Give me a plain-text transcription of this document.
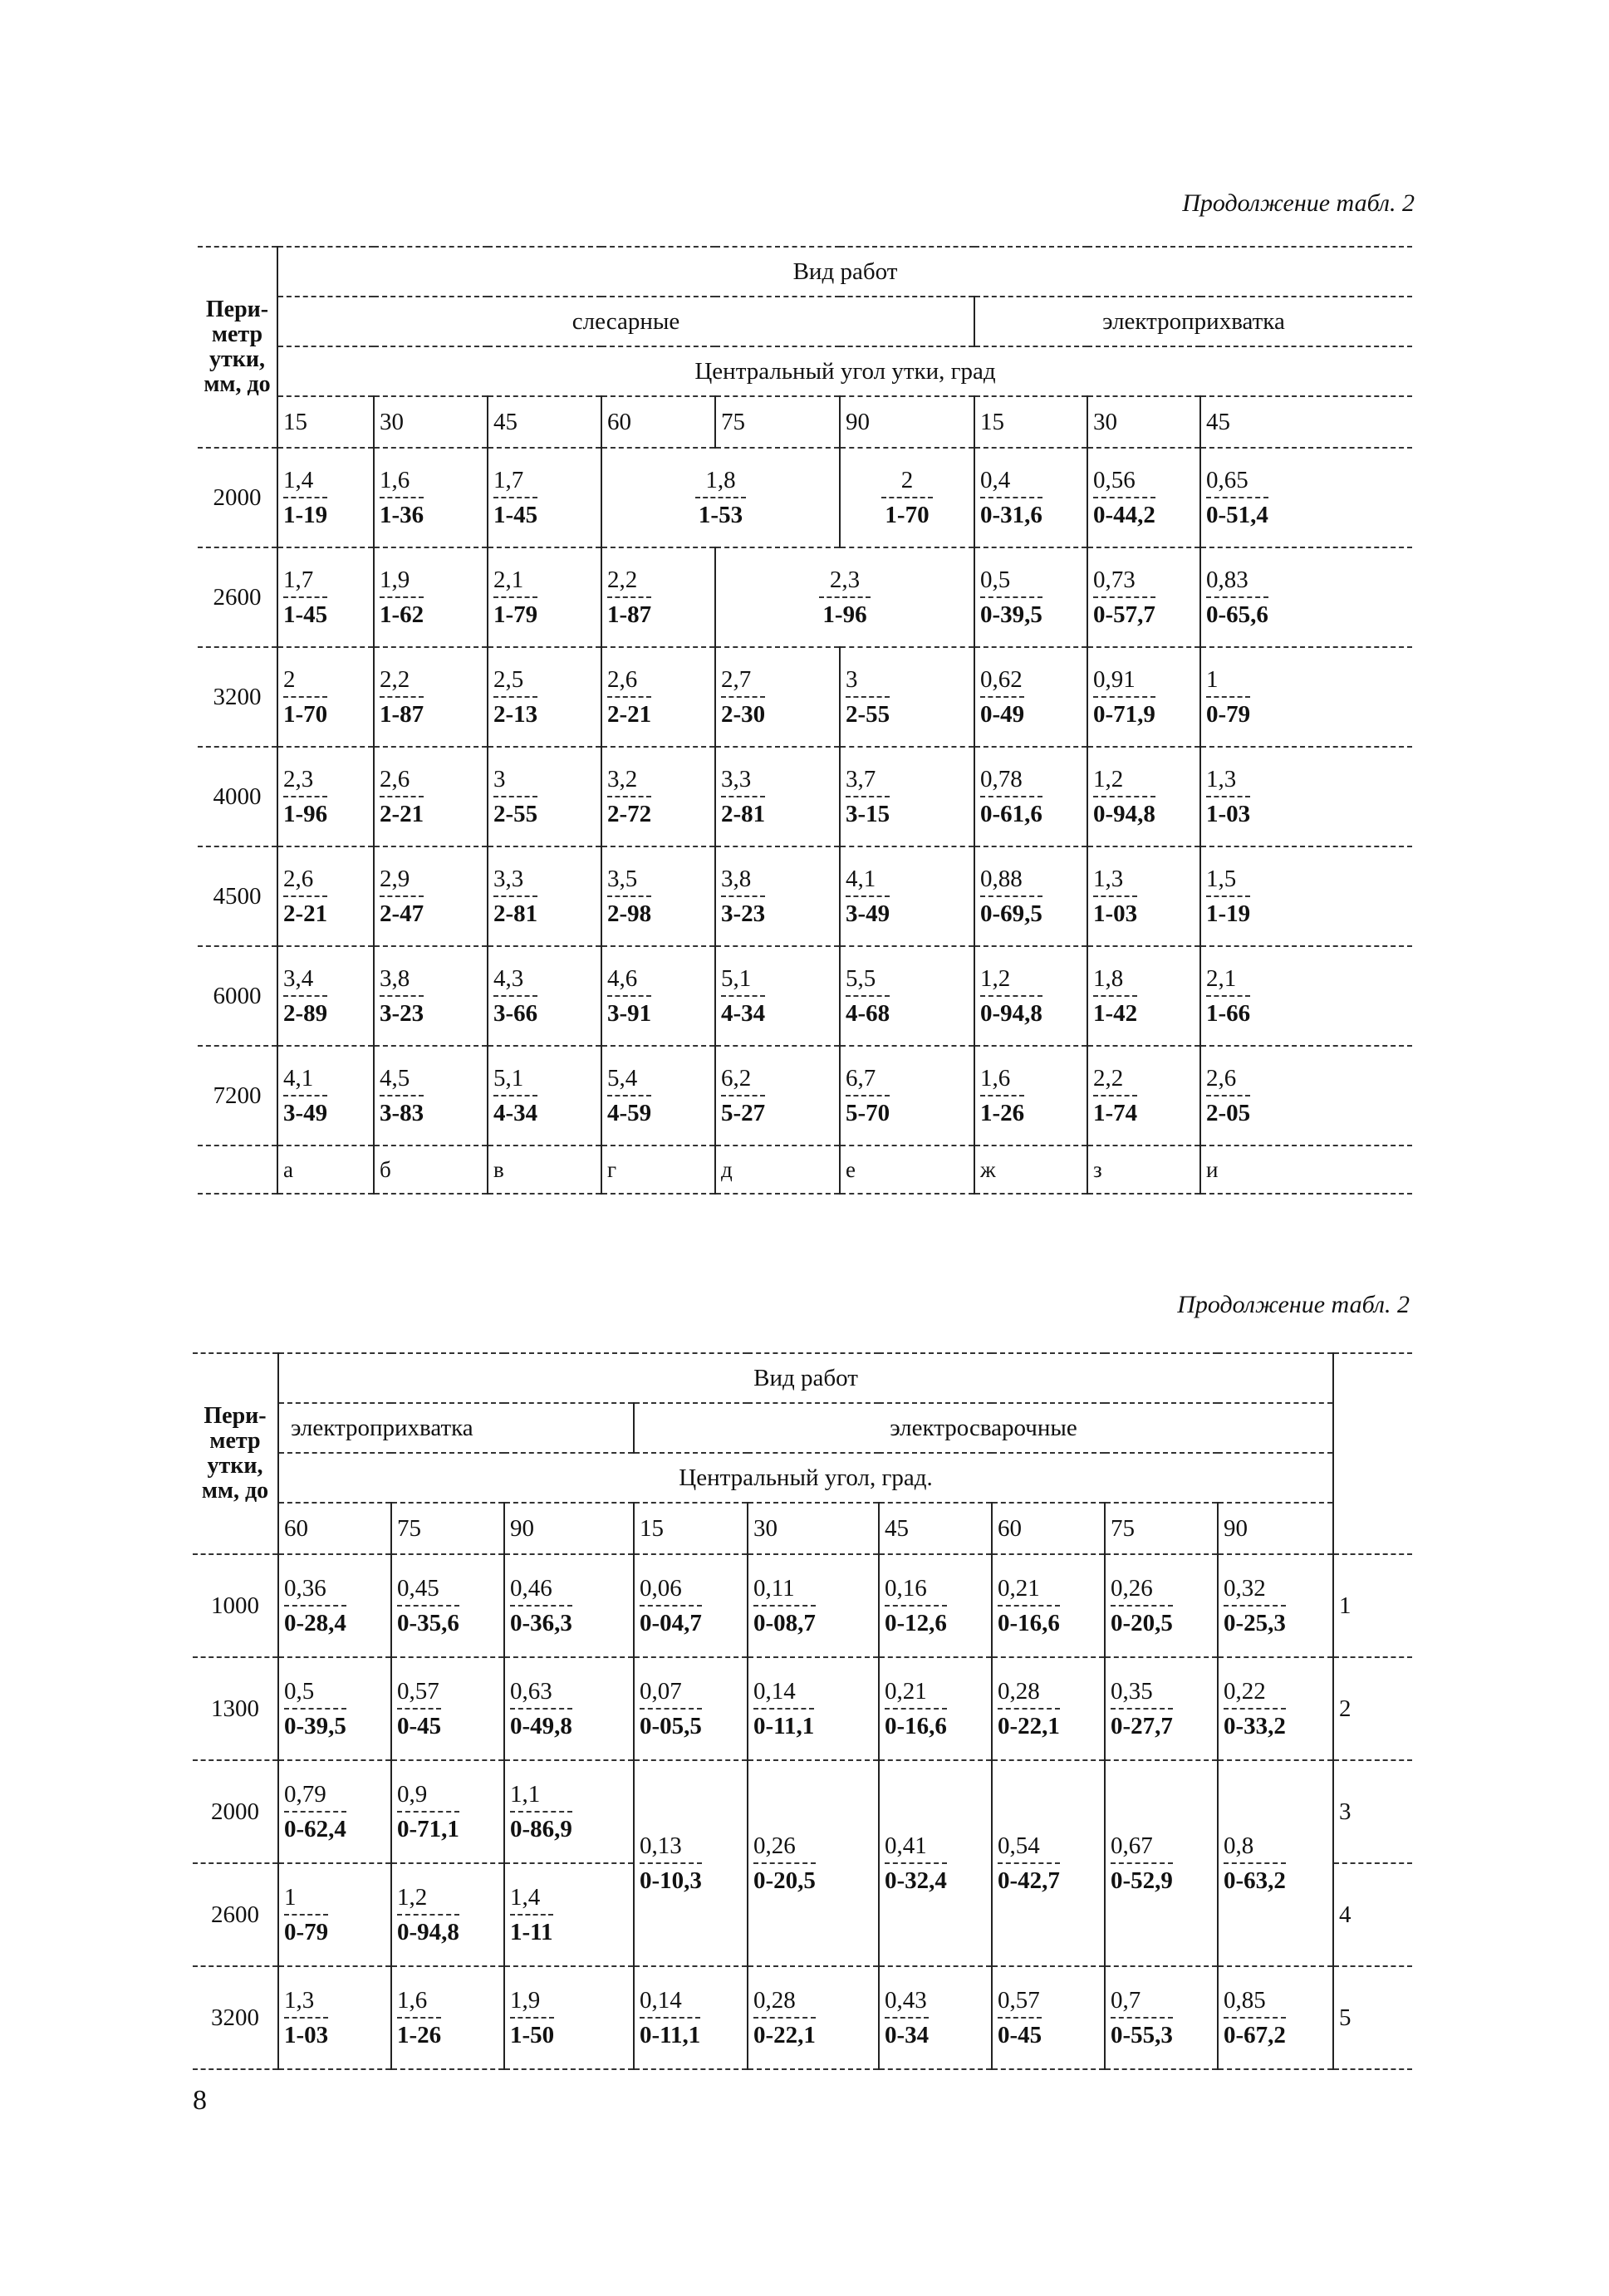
Продолжение табл. 2
Пери-
метр
утки,
мм, до	Вид работ								
	слесарные						электроприхватка		
	Центральный угол утки, град								
	15	30	45	60	75	90	15	30	45
2000	$\frac{1,4}{1-19}$	$\frac{1,6}{1-36}$	$\frac{1,7}{1-45}$	$\frac{1,8}{1-53}$		$\frac{2}{1-70}$	$\frac{0,4}{0-31,6}$	$\frac{0,56}{0-44,2}$	$\frac{0,65}{0-51,4}$

2600	$\frac{1,7}{1-45}$	$\frac{1,9}{1-62}$	$\frac{2,1}{1-79}$	$\frac{2,2}{1-87}$	$\frac{2,3}{1-96}$		$\frac{0,5}{0-39,5}$	$\frac{0,73}{0-57,7}$	$\frac{0,83}{0-65,6}$

3200	$\frac{2}{1-70}$	$\frac{2,2}{1-87}$	$\frac{2,5}{2-13}$	$\frac{2,6}{2-21}$	$\frac{2,7}{2-30}$	$\frac{3}{2-55}$	$\frac{0,62}{0-49}$	$\frac{0,91}{0-71,9}$	$\frac{1}{0-79}$

4000	$\frac{2,3}{1-96}$	$\frac{2,6}{2-21}$	$\frac{3}{2-55}$	$\frac{3,2}{2-72}$	$\frac{3,3}{2-81}$	$\frac{3,7}{3-15}$	$\frac{0,78}{0-61,6}$	$\frac{1,2}{0-94,8}$	$\frac{1,3}{1-03}$

4500	$\frac{2,6}{2-21}$	$\frac{2,9}{2-47}$	$\frac{3,3}{2-81}$	$\frac{3,5}{2-98}$	$\frac{3,8}{3-23}$	$\frac{4,1}{3-49}$	$\frac{0,88}{0-69,5}$	$\frac{1,3}{1-03}$	$\frac{1,5}{1-19}$

6000	$\frac{3,4}{2-89}$	$\frac{3,8}{3-23}$	$\frac{4,3}{3-66}$	$\frac{4,6}{3-91}$	$\frac{5,1}{4-34}$	$\frac{5,5}{4-68}$	$\frac{1,2}{0-94,8}$	$\frac{1,8}{1-42}$	$\frac{2,1}{1-66}$

7200	$\frac{4,1}{3-49}$	$\frac{4,5}{3-83}$	$\frac{5,1}{4-34}$	$\frac{5,4}{4-59}$	$\frac{6,2}{5-27}$	$\frac{6,7}{5-70}$	$\frac{1,6}{1-26}$	$\frac{2,2}{1-74}$	$\frac{2,6}{2-05}$

	а	б	в	г	д	е	ж	з	и
Продолжение табл. 2
Пери-
метр
утки,
мм, до	Вид работ									
	электроприхватка			электросварочные						
	Центральный угол, град.									
	60	75	90	15	30	45	60	75	90	
1000	$\frac{0,36}{0-28,4}$	$\frac{0,45}{0-35,6}$	$\frac{0,46}{0-36,3}$	$\frac{0,06}{0-04,7}$	$\frac{0,11}{0-08,7}$	$\frac{0,16}{0-12,6}$	$\frac{0,21}{0-16,6}$	$\frac{0,26}{0-20,5}$	$\frac{0,32}{0-25,3}$	1
1300	$\frac{0,5}{0-39,5}$	$\frac{0,57}{0-45}$	$\frac{0,63}{0-49,8}$	$\frac{0,07}{0-05,5}$	$\frac{0,14}{0-11,1}$	$\frac{0,21}{0-16,6}$	$\frac{0,28}{0-22,1}$	$\frac{0,35}{0-27,7}$	$\frac{0,22}{0-33,2}$	2
2000	$\frac{0,79}{0-62,4}$	$\frac{0,9}{0-71,1}$	$\frac{1,1}{0-86,9}$	$\frac{0,13}{0-10,3}$	$\frac{0,26}{0-20,5}$	$\frac{0,41}{0-32,4}$	$\frac{0,54}{0-42,7}$	$\frac{0,67}{0-52,9}$	$\frac{0,8}{0-63,2}$	3
2600	$\frac{1}{0-79}$	$\frac{1,2}{0-94,8}$	$\frac{1,4}{1-11}$							4
3200	$\frac{1,3}{1-03}$	$\frac{1,6}{1-26}$	$\frac{1,9}{1-50}$	$\frac{0,14}{0-11,1}$	$\frac{0,28}{0-22,1}$	$\frac{0,43}{0-34}$	$\frac{0,57}{0-45}$	$\frac{0,7}{0-55,3}$	$\frac{0,85}{0-67,2}$	5
8
